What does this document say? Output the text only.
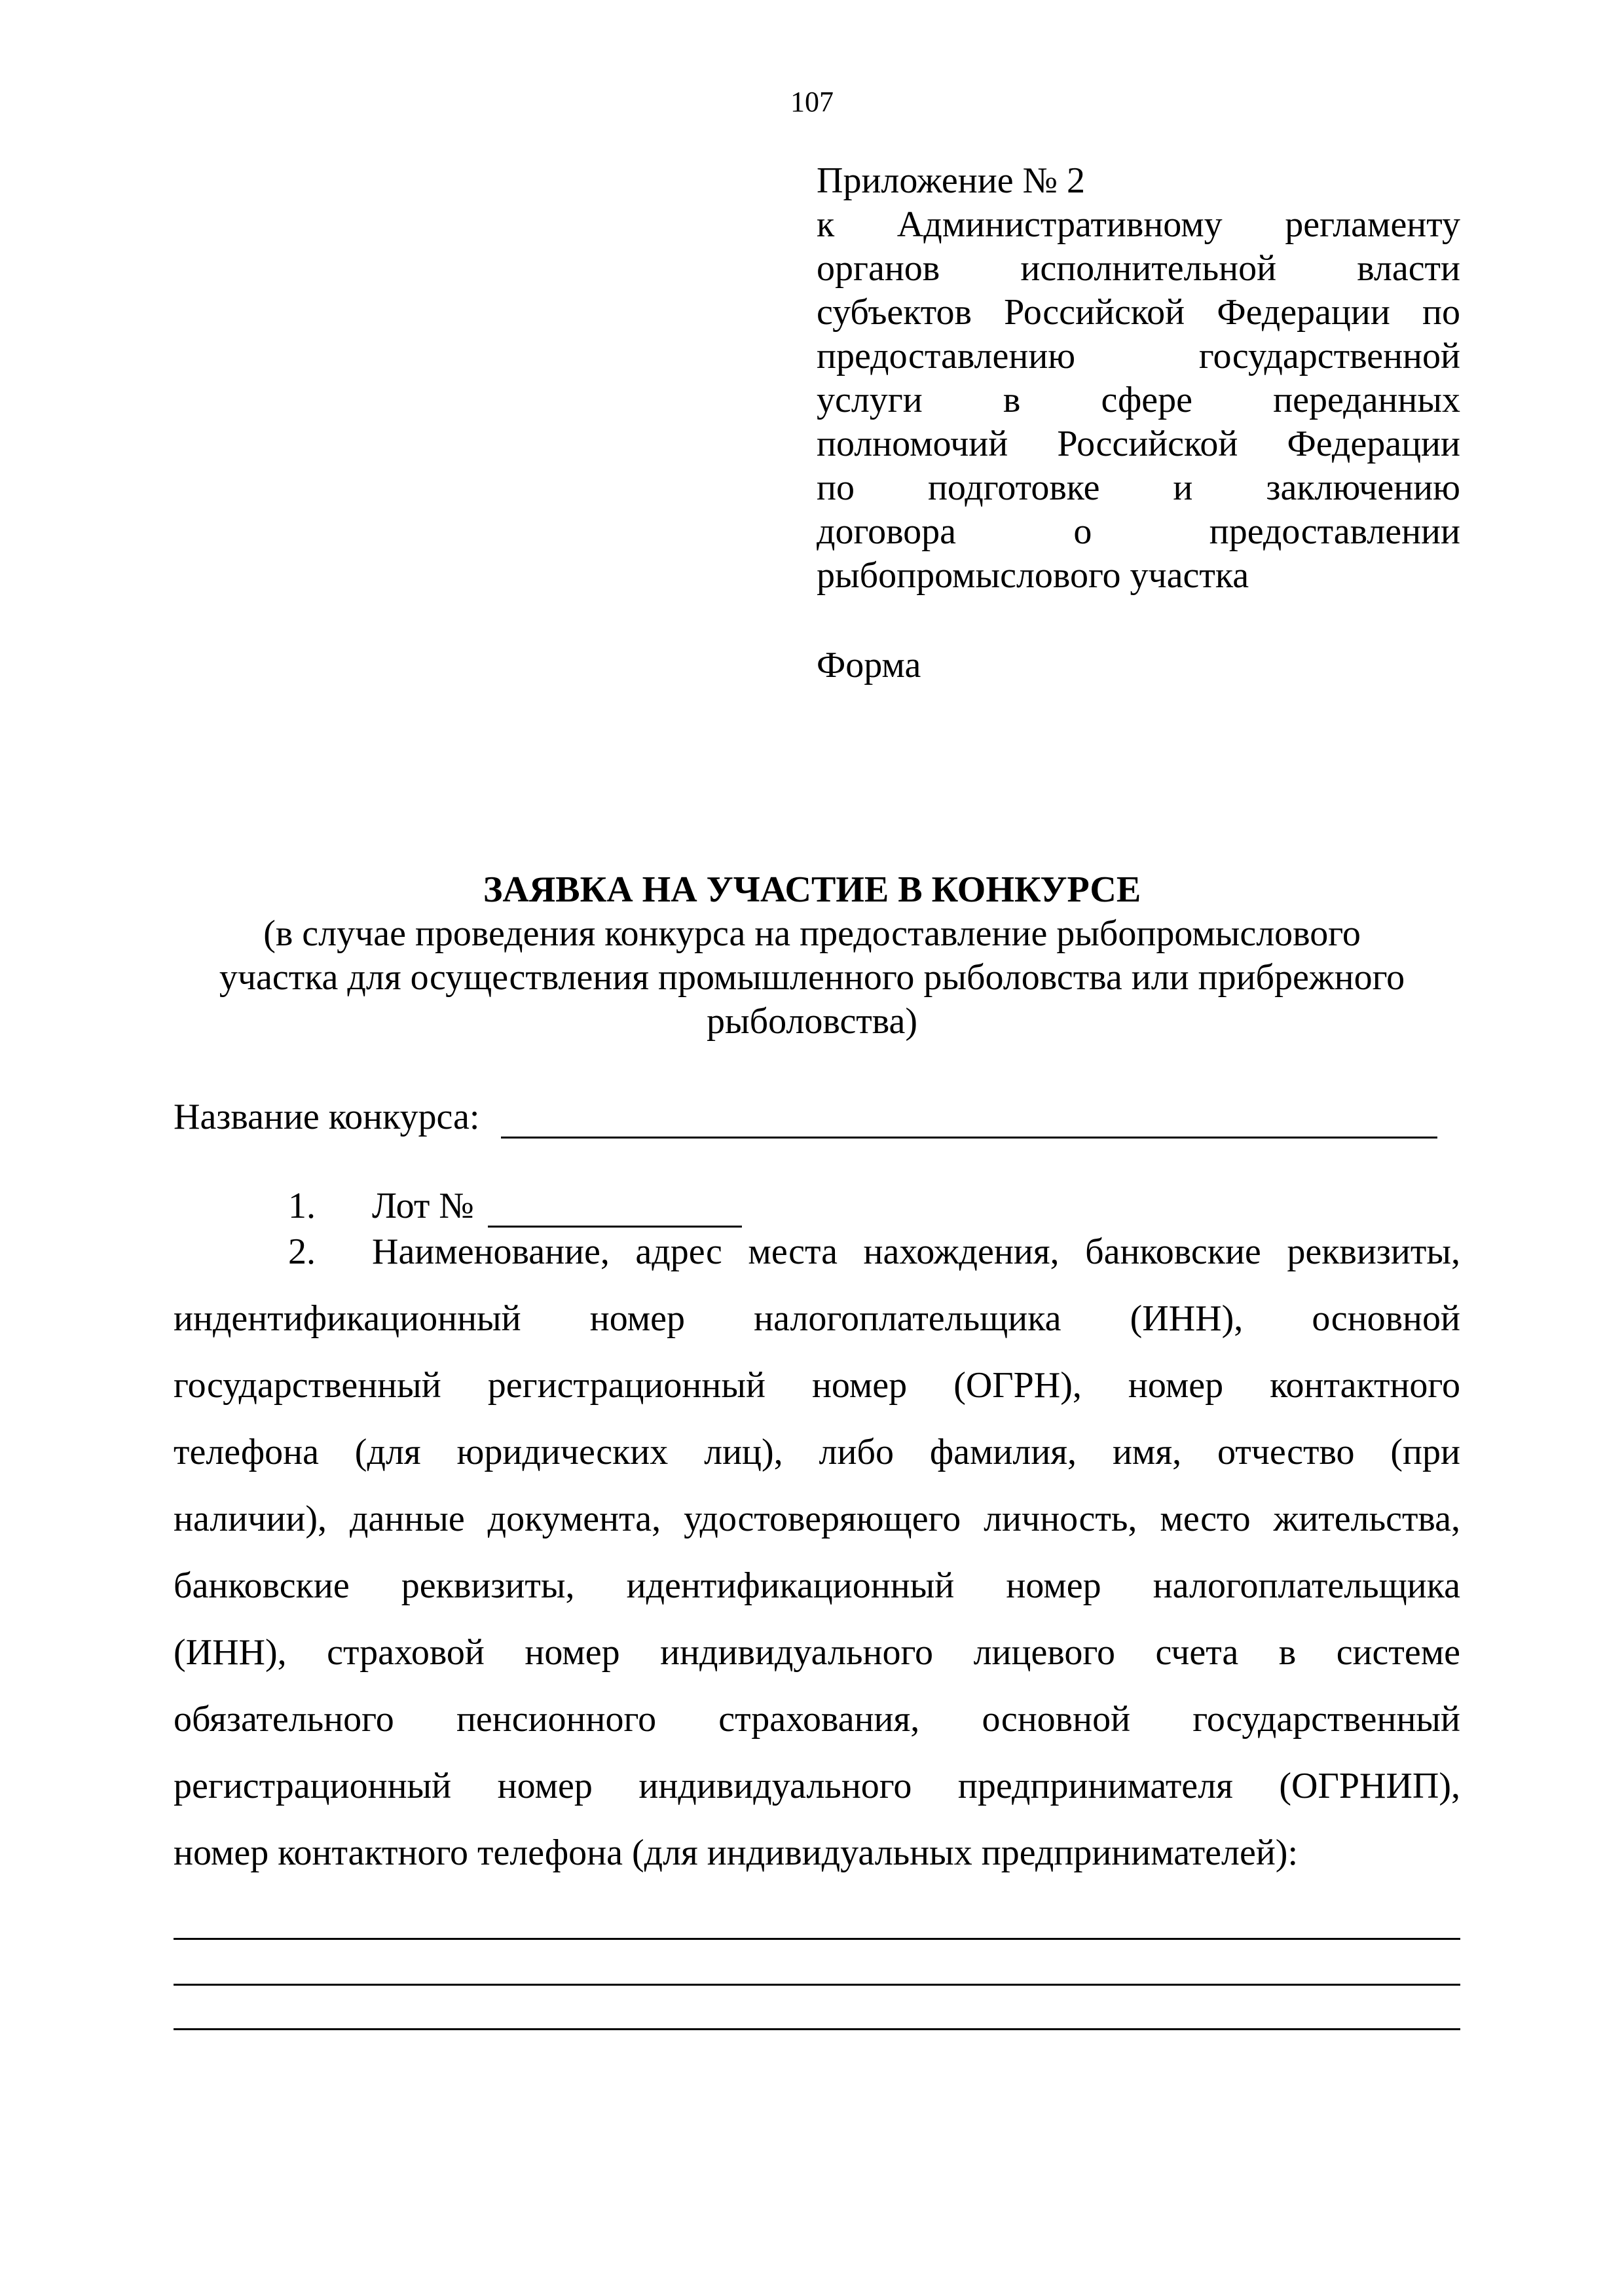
107
Приложение № 2
к Административному регламенту
органов исполнительной власти
субъектов Российской Федерации по
предоставлению государственной
услуги в сфере переданных
полномочий Российской Федерации
по подготовке и заключению
договора о предоставлении
рыбопромыслового участка
Форма
ЗАЯВКА НА УЧАСТИЕ В КОНКУРСЕ
(в случае проведения конкурса на предоставление рыбопромыслового
участка для осуществления промышленного рыболовства или прибрежного
рыболовства)
Название конкурса:
1. Лот №
2.	Наименование, адрес места нахождения, банковские реквизиты,
индентификационный номер налогоплательщика (ИНН), основной
государственный регистрационный номер (ОГРН), номер контактного
телефона (для юридических лиц), либо фамилия, имя, отчество (при
наличии), данные документа, удостоверяющего личность, место жительства,
банковские реквизиты, идентификационный номер налогоплательщика
(ИНН), страховой номер индивидуального лицевого счета в системе
обязательного пенсионного страхования, основной государственный
регистрационный номер индивидуального предпринимателя (ОГРНИП),
номер контактного телефона (для индивидуальных предпринимателей):
